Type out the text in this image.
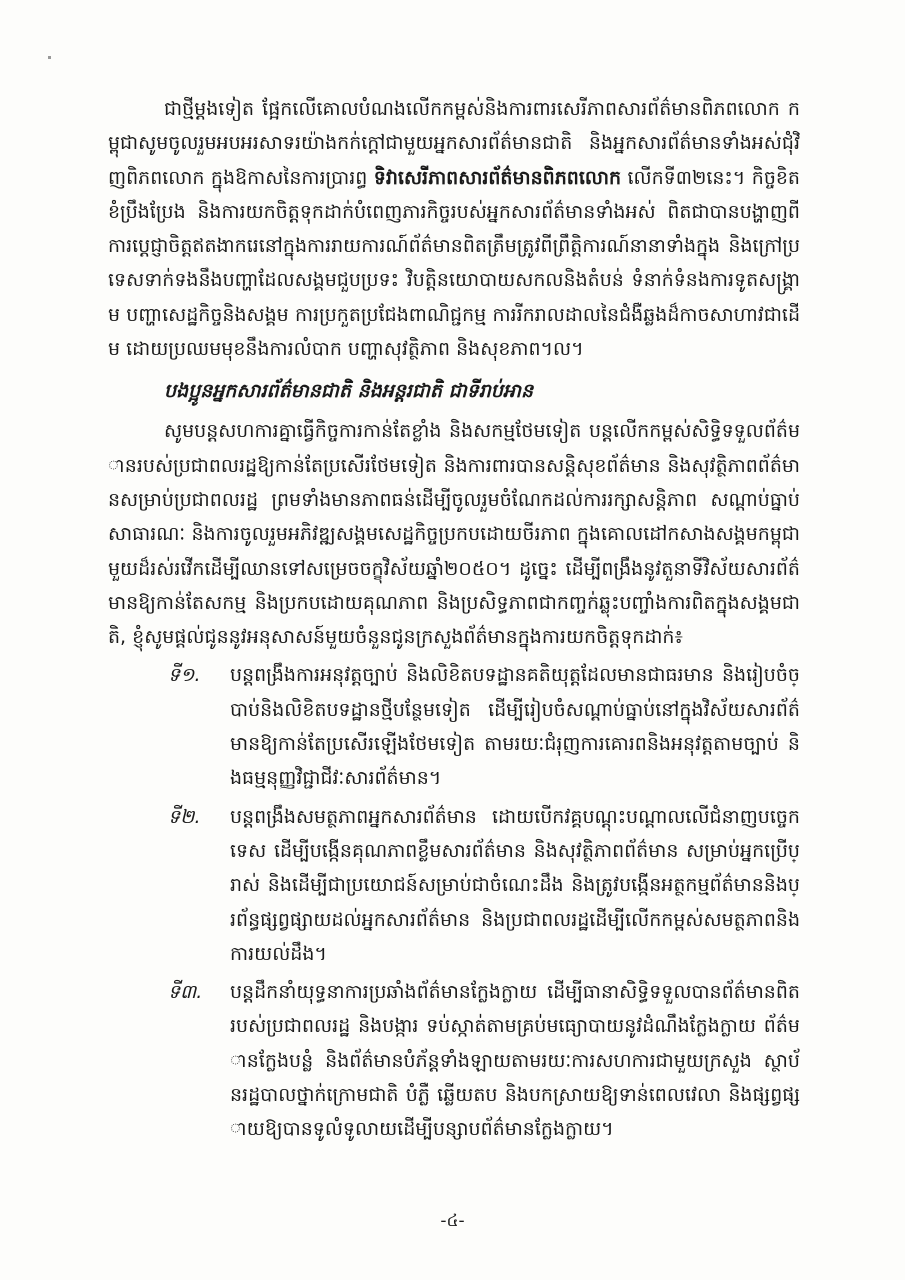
ជាថ្មីម្ដងទៀត ផ្អែកលើគោលបំណងលើកកម្ពស់និងការពារសេរីភាពសារព័ត៌មានពិភពលោក កម្ពុជាសូមចូលរួមអបអរសាទរយ៉ាងកក់ក្តៅជាមួយអ្នកសារព័ត៌មានជាតិ និងអ្នកសារព័ត៌មានទាំងអស់ជុំវិញពិភពលោក ក្នុងឱកាសនៃការប្រារព្ធ ទិវាសេរីភាពសារព័ត៌មានពិភពលោក លើកទី៣២នេះ។ កិច្ចខិតខំប្រឹងប្រែង និងការយកចិត្តទុកដាក់បំពេញភារកិច្ចរបស់អ្នកសារព័ត៌មានទាំងអស់ ពិតជាបានបង្ហាញពីការប្តេជ្ញាចិត្តឥតងាករេនៅក្នុងការរាយការណ៍ព័ត៌មានពិតត្រឹមត្រូវពីព្រឹត្តិការណ៍នានាទាំងក្នុង និងក្រៅប្រទេសទាក់ទងនឹងបញ្ហាដែលសង្គមជួបប្រទះ វិបត្តិនយោបាយសកលនិងតំបន់ ទំនាក់ទំនងការទូតសង្គ្រាម បញ្ហាសេដ្ឋកិច្ចនិងសង្គម ការប្រកួតប្រជែងពាណិជ្ជកម្ម ការរីករាលដាលនៃជំងឺឆ្លងដ៏កាចសាហាវជាដើម ដោយប្រឈមមុខនឹងការលំបាក បញ្ហាសុវត្ថិភាព និងសុខភាព។ល។

បងប្អូនអ្នកសារព័ត៌មានជាតិ និងអន្តរជាតិ ជាទីរាប់អាន

សូមបន្តសហការគ្នាធ្វើកិច្ចការកាន់តែខ្លាំង និងសកម្មថែមទៀត បន្តលើកកម្ពស់សិទ្ធិទទួលព័ត៌មានរបស់ប្រជាពលរដ្ឋឱ្យកាន់តែប្រសើរថែមទៀត និងការពារបានសន្តិសុខព័ត៌មាន និងសុវត្ថិភាពព័ត៌មានសម្រាប់ប្រជាពលរដ្ឋ ព្រមទាំងមានភាពធន់ដើម្បីចូលរួមចំណែកដល់ការរក្សាសន្តិភាព សណ្ដាប់ធ្នាប់សាធារណៈ និងការចូលរួមអភិវឌ្ឍសង្គមសេដ្ឋកិច្ចប្រកបដោយចីរភាព ក្នុងគោលដៅកសាងសង្គមកម្ពុជាមួយដ៏រស់រវើកដើម្បីឈានទៅសម្រេចចក្ខុវិស័យឆ្នាំ២០៥០។ ដូច្នេះ ដើម្បីពង្រឹងនូវតួនាទីវិស័យសារព័ត៌មានឱ្យកាន់តែសកម្ម និងប្រកបដោយគុណភាព និងប្រសិទ្ធភាពជាកញ្ចក់ឆ្លុះបញ្ចាំងការពិតក្នុងសង្គមជាតិ, ខ្ញុំសូមផ្ដល់ជូននូវអនុសាសន៍មួយចំនួនជូនក្រសួងព័ត៌មានក្នុងការយកចិត្តទុកដាក់៖

ទី១.	បន្តពង្រឹងការអនុវត្តច្បាប់ និងលិខិតបទដ្ឋានគតិយុត្តដែលមានជាធរមាន និងរៀបចំច្បាប់និងលិខិតបទដ្ឋានថ្មីបន្ថែមទៀត ដើម្បីរៀបចំសណ្ដាប់ធ្នាប់នៅក្នុងវិស័យសារព័ត៌មានឱ្យកាន់តែប្រសើរឡើងថែមទៀត តាមរយៈជំរុញការគោរពនិងអនុវត្តតាមច្បាប់ និងធម្មនុញ្ញវិជ្ជាជីវៈសារព័ត៌មាន។
ទី២.	បន្តពង្រឹងសមត្ថភាពអ្នកសារព័ត៌មាន ដោយបើកវគ្គបណ្ដុះបណ្ដាលលើជំនាញបច្ចេកទេស ដើម្បីបង្កើនគុណភាពខ្លឹមសារព័ត៌មាន និងសុវត្ថិភាពព័ត៌មាន សម្រាប់អ្នកប្រើប្រាស់ និងដើម្បីជាប្រយោជន៍សម្រាប់ជាចំណេះដឹង និងត្រូវបង្កើនអត្ថកម្មព័ត៌មាននិងប្រព័ន្ធផ្សព្វផ្សាយដល់អ្នកសារព័ត៌មាន និងប្រជាពលរដ្ឋដើម្បីលើកកម្ពស់សមត្ថភាពនិងការយល់ដឹង។
ទី៣.	បន្តដឹកនាំយុទ្ធនាការប្រឆាំងព័ត៌មានក្លែងក្លាយ ដើម្បីធានាសិទ្ធិទទួលបានព័ត៌មានពិតរបស់ប្រជាពលរដ្ឋ និងបង្ការ ទប់ស្កាត់តាមគ្រប់មធ្យោបាយនូវដំណឹងក្លែងក្លាយ ព័ត៌មានក្លែងបន្លំ និងព័ត៌មានបំភ័ន្តទាំងឡាយតាមរយៈការសហការជាមួយក្រសួង ស្ថាប័នរដ្ឋបាលថ្នាក់ក្រោមជាតិ បំភ្លឺ ឆ្លើយតប និងបកស្រាយឱ្យទាន់ពេលវេលា និងផ្សព្វផ្សាយឱ្យបានទូលំទូលាយដើម្បីបន្សាបព័ត៌មានក្លែងក្លាយ។
-៤-
